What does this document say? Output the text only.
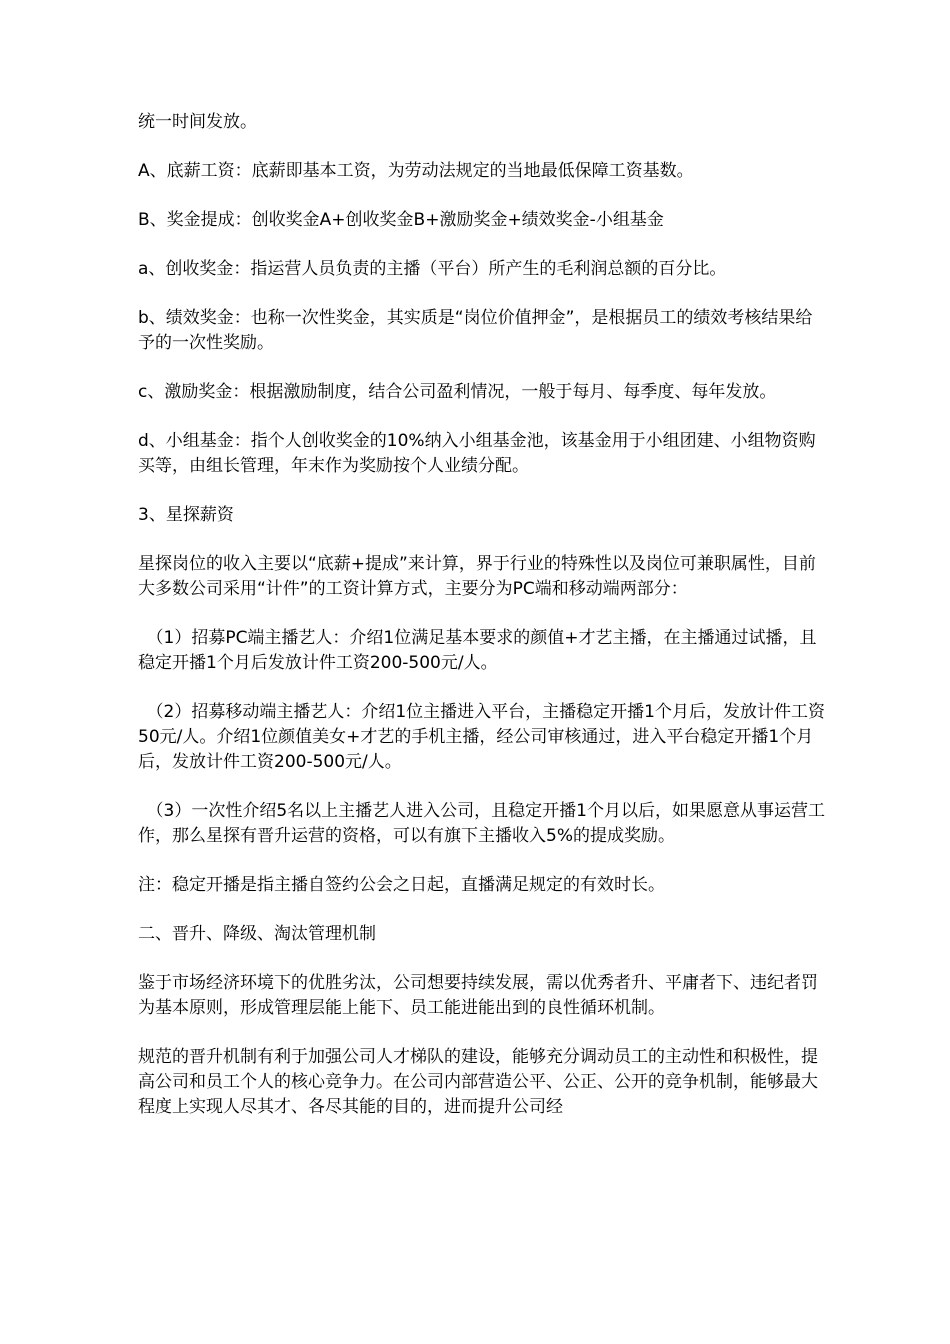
统一时间发放。

A、底薪工资：底薪即基本工资，为劳动法规定的当地最低保障工资基数。

B、奖金提成：创收奖金A+创收奖金B+激励奖金+绩效奖金-小组基金

a、创收奖金：指运营人员负责的主播（平台）所产生的毛利润总额的百分比。

b、绩效奖金：也称一次性奖金，其实质是“岗位价值押金”，是根据员工的绩效考核结果给予的一次性奖励。

c、激励奖金：根据激励制度，结合公司盈利情况，一般于每月、每季度、每年发放。

d、小组基金：指个人创收奖金的10%纳入小组基金池，该基金用于小组团建、小组物资购买等，由组长管理，年末作为奖励按个人业绩分配。

3、星探薪资

星探岗位的收入主要以“底薪+提成”来计算，界于行业的特殊性以及岗位可兼职属性，目前大多数公司采用“计件”的工资计算方式，主要分为PC端和移动端两部分：

（1）招募PC端主播艺人：介绍1位满足基本要求的颜值+才艺主播，在主播通过试播，且稳定开播1个月后发放计件工资200-500元/人。

（2）招募移动端主播艺人：介绍1位主播进入平台，主播稳定开播1个月后，发放计件工资50元/人。介绍1位颜值美女+才艺的手机主播，经公司审核通过，进入平台稳定开播1个月后，发放计件工资200-500元/人。

（3）一次性介绍5名以上主播艺人进入公司，且稳定开播1个月以后，如果愿意从事运营工作，那么星探有晋升运营的资格，可以有旗下主播收入5%的提成奖励。

注：稳定开播是指主播自签约公会之日起，直播满足规定的有效时长。

二、晋升、降级、淘汰管理机制

鉴于市场经济环境下的优胜劣汰，公司想要持续发展，需以优秀者升、平庸者下、违纪者罚为基本原则，形成管理层能上能下、员工能进能出到的良性循环机制。

规范的晋升机制有利于加强公司人才梯队的建设，能够充分调动员工的主动性和积极性，提高公司和员工个人的核心竞争力。在公司内部营造公平、公正、公开的竞争机制，能够最大程度上实现人尽其才、各尽其能的目的，进而提升公司经
